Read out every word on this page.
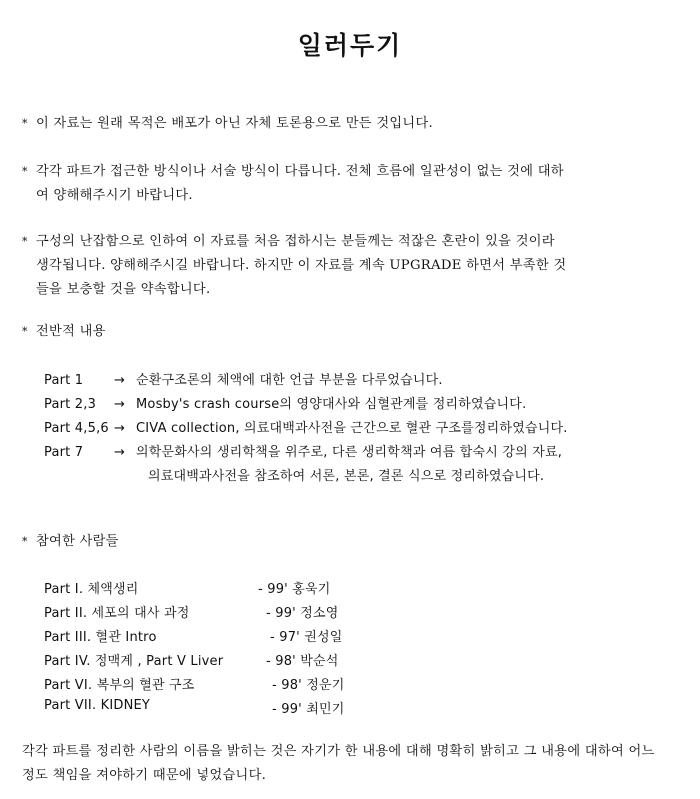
일러두기
* 이 자료는 원래 목적은 배포가 아닌 자체 토론용으로 만든 것입니다.
* 각각 파트가 접근한 방식이나 서술 방식이 다릅니다. 전체 흐름에 일관성이 없는 것에 대하
여 양해해주시기 바랍니다.
* 구성의 난잡함으로 인하여 이 자료를 처음 접하시는 분들께는 적잖은 혼란이 있을 것이라
생각됩니다. 양해해주시길 바랍니다. 하지만 이 자료를 계속 UPGRADE 하면서 부족한 것
들을 보충할 것을 약속합니다.
* 전반적 내용
Part 1 → 순환구조론의 체액에 대한 언급 부분을 다루었습니다.
Part 2,3 → Mosby's crash course의 영양대사와 심혈관계를 정리하였습니다.
Part 4,5,6 → CIVA collection, 의료대백과사전을 근간으로 혈관 구조를정리하였습니다.
Part 7 → 의학문화사의 생리학책을 위주로, 다른 생리학책과 여름 합숙시 강의 자료,
의료대백과사전을 참조하여 서론, 본론, 결론 식으로 정리하였습니다.
* 참여한 사람들
Part I. 체액생리	- 99' 홍욱기
Part II. 세포의 대사 과정	- 99' 정소영
Part III. 혈관 Intro	- 97' 권성일
Part IV. 정맥계 , Part V Liver	- 98' 박순석
Part VI. 복부의 혈관 구조	- 98' 정운기
Part VII. KIDNEY	- 99' 최민기
각각 파트를 정리한 사람의 이름을 밝히는 것은 자기가 한 내용에 대해 명확히 밝히고 그 내용에 대하여 어느 정도 책임을 져야하기 때문에 넣었습니다.
